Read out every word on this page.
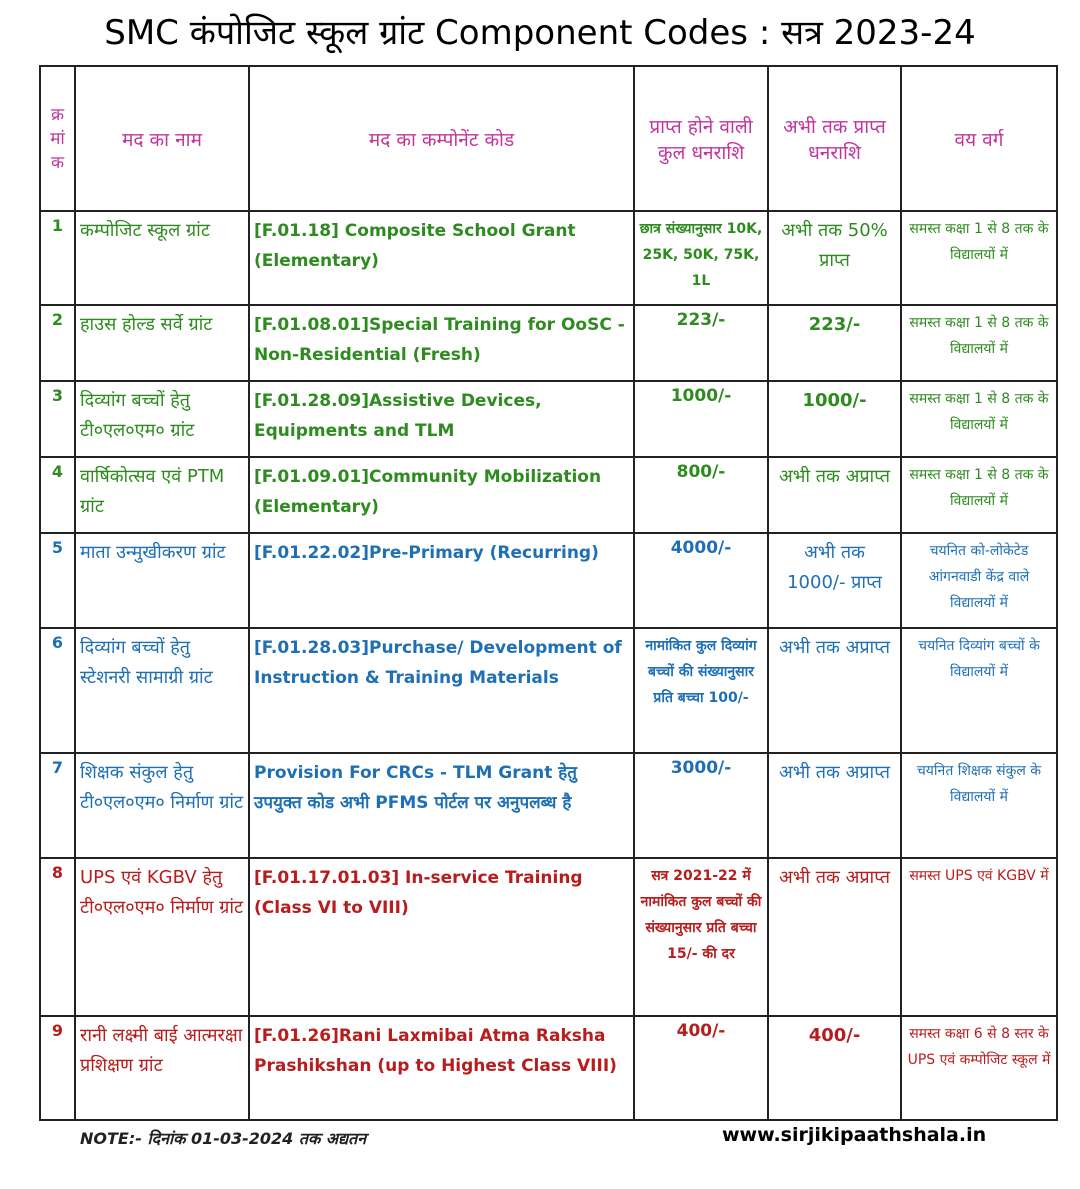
SMC कंपोजिट स्कूल ग्रांट Component Codes : सत्र 2023-24
क्र मां क	मद का नाम	मद का कम्पोनेंट कोड	प्राप्त होने वाली कुल धनराशि	अभी तक प्राप्त धनराशि	वय वर्ग
1	कम्पोजिट स्कूल ग्रांट	[F.01.18] Composite School Grant (Elementary)	छात्र संख्यानुसार 10K, 25K, 50K, 75K, 1L	अभी तक 50% प्राप्त	समस्त कक्षा 1 से 8 तक के विद्यालयों में
2	हाउस होल्ड सर्वे ग्रांट	[F.01.08.01]Special Training for OoSC - Non-Residential (Fresh)	223/-	223/-	समस्त कक्षा 1 से 8 तक के विद्यालयों में
3	दिव्यांग बच्चों हेतु टी०एल०एम० ग्रांट	[F.01.28.09]Assistive Devices, Equipments and TLM	1000/-	1000/-	समस्त कक्षा 1 से 8 तक के विद्यालयों में
4	वार्षिकोत्सव एवं PTM ग्रांट	[F.01.09.01]Community Mobilization (Elementary)	800/-	अभी तक अप्राप्त	समस्त कक्षा 1 से 8 तक के विद्यालयों में
5	माता उन्मुखीकरण ग्रांट	[F.01.22.02]Pre-Primary (Recurring)	4000/-	अभी तक 1000/- प्राप्त	चयनित को-लोकेटेड आंगनवाडी केंद्र वाले विद्यालयों में
6	दिव्यांग बच्चों हेतु स्टेशनरी सामाग्री ग्रांट	[F.01.28.03]Purchase/ Development of Instruction & Training Materials	नामांकित कुल दिव्यांग बच्चों की संख्यानुसार प्रति बच्चा 100/-	अभी तक अप्राप्त	चयनित दिव्यांग बच्चों के विद्यालयों में
7	शिक्षक संकुल हेतु टी०एल०एम० निर्माण ग्रांट	Provision For CRCs - TLM Grant हेतु उपयुक्त कोड अभी PFMS पोर्टल पर अनुपलब्ध है	3000/-	अभी तक अप्राप्त	चयनित शिक्षक संकुल के विद्यालयों में
8	UPS एवं KGBV हेतु टी०एल०एम० निर्माण ग्रांट	[F.01.17.01.03] In-service Training (Class VI to VIII)	सत्र 2021-22 में नामांकित कुल बच्चों की संख्यानुसार प्रति बच्चा 15/- की दर	अभी तक अप्राप्त	समस्त UPS एवं KGBV में
9	रानी लक्ष्मी बाई आत्मरक्षा प्रशिक्षण ग्रांट	[F.01.26]Rani Laxmibai Atma Raksha Prashikshan (up to Highest Class VIII)	400/-	400/-	समस्त कक्षा 6 से 8 स्तर के UPS एवं कम्पोजिट स्कूल में
NOTE:- दिनांक 01-03-2024 तक अद्यतन	www.sirjikipaathshala.in
